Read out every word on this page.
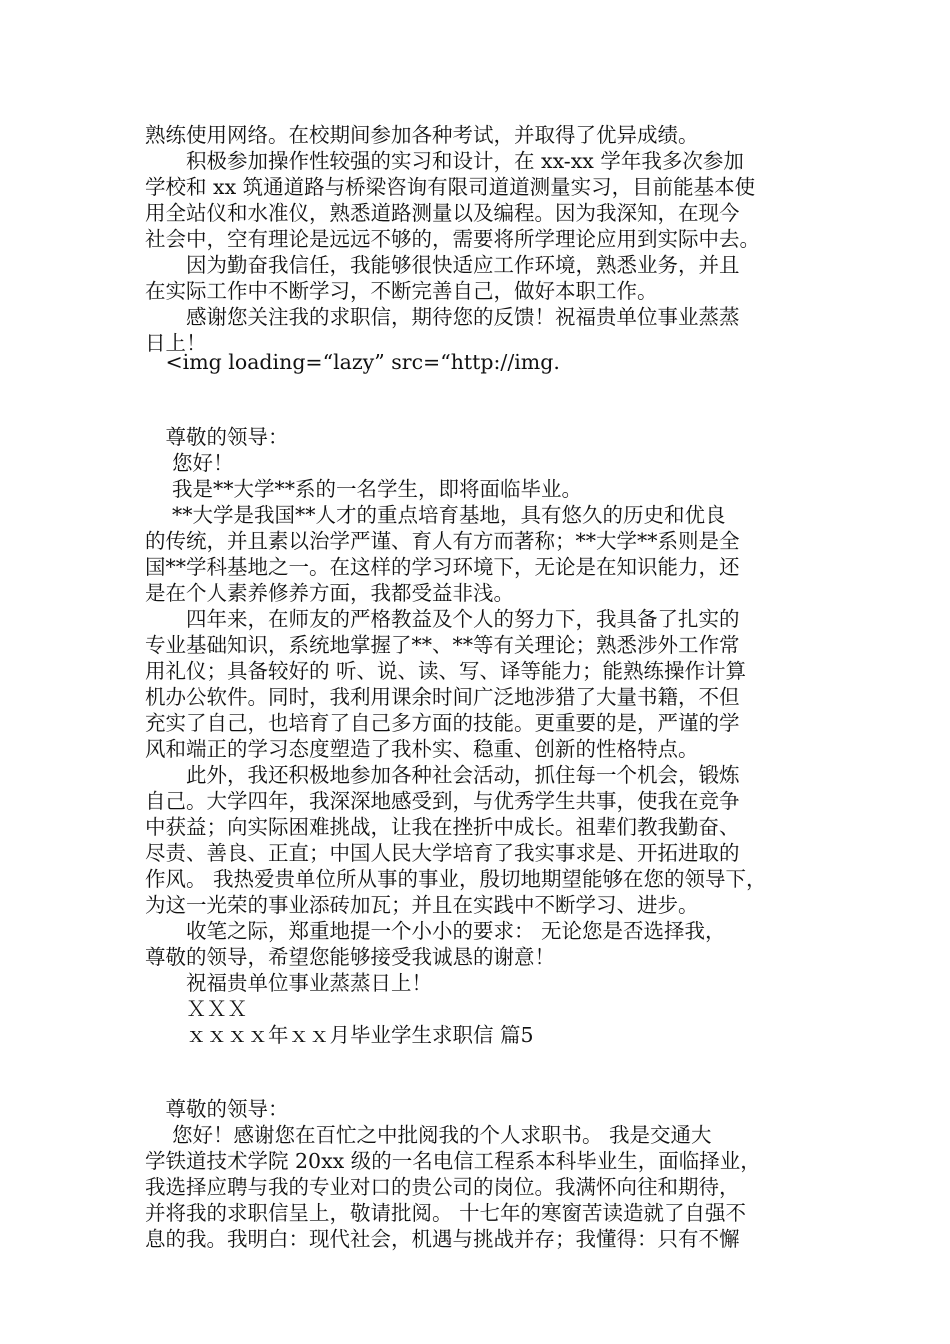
熟练使用网络。在校期间参加各种考试，并取得了优异成绩。

　　积极参加操作性较强的实习和设计，在 xx-xx 学年我多次参加

学校和 xx 筑通道路与桥梁咨询有限司道道测量实习，目前能基本使

用全站仪和水准仪，熟悉道路测量以及编程。因为我深知，在现今

社会中，空有理论是远远不够的，需要将所学理论应用到实际中去。

　　因为勤奋我信任，我能够很快适应工作环境，熟悉业务，并且

在实际工作中不断学习，不断完善自己，做好本职工作。

　　感谢您关注我的求职信，期待您的反馈！祝福贵单位事业蒸蒸

日上！

　<img loading=“lazy” src=“http://img.

　尊敬的领导：

　 您好！

　 我是**大学**系的一名学生，即将面临毕业。

　 **大学是我国**人才的重点培育基地，具有悠久的历史和优良

的传统，并且素以治学严谨、育人有方而著称；**大学**系则是全

国**学科基地之一。在这样的学习环境下，无论是在知识能力，还

是在个人素养修养方面，我都受益非浅。

　　四年来，在师友的严格教益及个人的努力下，我具备了扎实的

专业基础知识，系统地掌握了**、**等有关理论；熟悉涉外工作常

用礼仪；具备较好的 听、说、读、写、译等能力；能熟练操作计算

机办公软件。同时，我利用课余时间广泛地涉猎了大量书籍，不但

充实了自己，也培育了自己多方面的技能。更重要的是，严谨的学

风和端正的学习态度塑造了我朴实、稳重、创新的性格特点。

　　此外，我还积极地参加各种社会活动，抓住每一个机会，锻炼

自己。大学四年，我深深地感受到，与优秀学生共事，使我在竞争

中获益；向实际困难挑战，让我在挫折中成长。祖辈们教我勤奋、

尽责、善良、正直；中国人民大学培育了我实事求是、开拓进取的

作风。 我热爱贵单位所从事的事业，殷切地期望能够在您的领导下，

为这一光荣的事业添砖加瓦；并且在实践中不断学习、进步。

　　收笔之际，郑重地提一个小小的要求： 无论您是否选择我，

尊敬的领导，希望您能够接受我诚恳的谢意！

　　祝福贵单位事业蒸蒸日上！

　　ＸＸＸ

　　ｘｘｘｘ年ｘｘ月毕业学生求职信 篇5

　尊敬的领导：

　 您好！感谢您在百忙之中批阅我的个人求职书。 我是交通大

学铁道技术学院 20xx 级的一名电信工程系本科毕业生，面临择业，

我选择应聘与我的专业对口的贵公司的岗位。我满怀向往和期待，

并将我的求职信呈上，敬请批阅。 十七年的寒窗苦读造就了自强不

息的我。我明白：现代社会，机遇与挑战并存；我懂得：只有不懈
